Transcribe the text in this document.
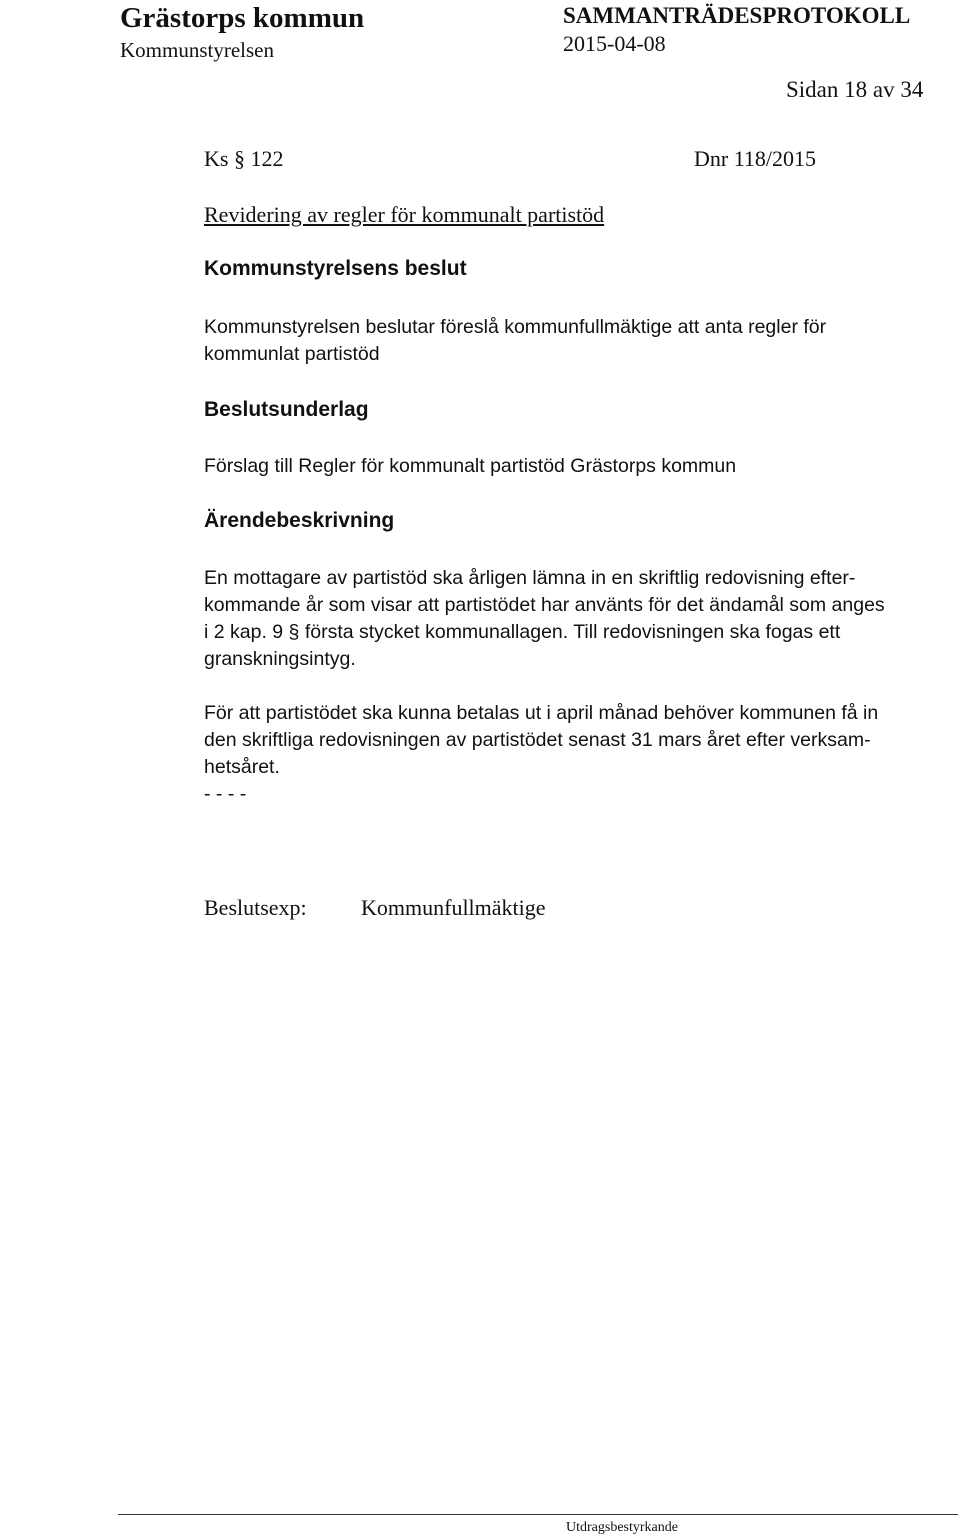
Grästorps kommun
Kommunstyrelsen
SAMMANTRÄDESPROTOKOLL
2015-04-08
Sidan 18 av 34
Ks § 122	Dnr 118/2015
Revidering av regler för kommunalt partistöd
Kommunstyrelsens beslut
Kommunstyrelsen beslutar föreslå kommunfullmäktige att anta regler för
kommunlat partistöd
Beslutsunderlag
Förslag till Regler för kommunalt partistöd Grästorps kommun
Ärendebeskrivning
En mottagare av partistöd ska årligen lämna in en skriftlig redovisning efter-
kommande år som visar att partistödet har använts för det ändamål som anges
i 2 kap. 9 § första stycket kommunallagen. Till redovisningen ska fogas ett
granskningsintyg.
För att partistödet ska kunna betalas ut i april månad behöver kommunen få in
den skriftliga redovisningen av partistödet senast 31 mars året efter verksam-
hetsåret.
- - - -
Beslutsexp: Kommunfullmäktige
Utdragsbestyrkande
